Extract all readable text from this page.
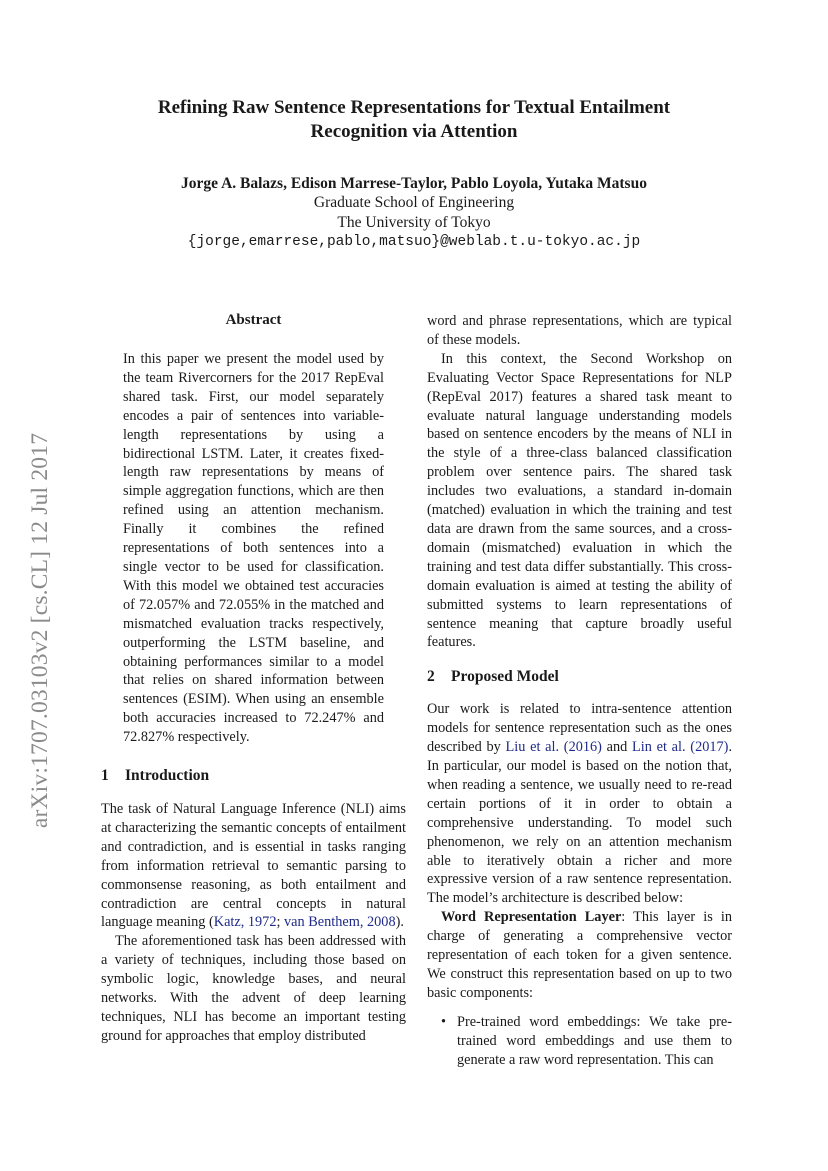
arXiv:1707.03103v2 [cs.CL] 12 Jul 2017
Refining Raw Sentence Representations for Textual Entailment
Recognition via Attention
Jorge A. Balazs, Edison Marrese-Taylor, Pablo Loyola, Yutaka Matsuo
Graduate School of Engineering
The University of Tokyo
{jorge,emarrese,pablo,matsuo}@weblab.t.u-tokyo.ac.jp
Abstract

In this paper we present the model used by the team Rivercorners for the 2017 RepEval shared task. First, our model separately encodes a pair of sentences into variable-length representations by using a bidirectional LSTM. Later, it creates fixed-length raw representations by means of simple aggregation functions, which are then refined using an attention mechanism. Finally it combines the refined representations of both sentences into a single vector to be used for classification. With this model we obtained test accuracies of 72.057% and 72.055% in the matched and mismatched evaluation tracks respectively, outperforming the LSTM baseline, and obtaining performances similar to a model that relies on shared information between sentences (ESIM). When using an ensemble both accuracies increased to 72.247% and 72.827% respectively.

1 Introduction

The task of Natural Language Inference (NLI) aims at characterizing the semantic concepts of entailment and contradiction, and is essential in tasks ranging from information retrieval to semantic parsing to commonsense reasoning, as both entailment and contradiction are central concepts in natural language meaning (Katz, 1972; van Benthem, 2008).

The aforementioned task has been addressed with a variety of techniques, including those based on symbolic logic, knowledge bases, and neural networks. With the advent of deep learning techniques, NLI has become an important testing ground for approaches that employ distributed

word and phrase representations, which are typical of these models.

In this context, the Second Workshop on Evaluating Vector Space Representations for NLP (RepEval 2017) features a shared task meant to evaluate natural language understanding models based on sentence encoders by the means of NLI in the style of a three-class balanced classification problem over sentence pairs. The shared task includes two evaluations, a standard in-domain (matched) evaluation in which the training and test data are drawn from the same sources, and a cross-domain (mismatched) evaluation in which the training and test data differ substantially. This cross-domain evaluation is aimed at testing the ability of submitted systems to learn representations of sentence meaning that capture broadly useful features.

2 Proposed Model

Our work is related to intra-sentence attention models for sentence representation such as the ones described by Liu et al. (2016) and Lin et al. (2017). In particular, our model is based on the notion that, when reading a sentence, we usually need to re-read certain portions of it in order to obtain a comprehensive understanding. To model such phenomenon, we rely on an attention mechanism able to iteratively obtain a richer and more expressive version of a raw sentence representation. The model’s architecture is described below:

Word Representation Layer: This layer is in charge of generating a comprehensive vector representation of each token for a given sentence. We construct this representation based on up to two basic components:

• Pre-trained word embeddings: We take pre-trained word embeddings and use them to generate a raw word representation. This can
